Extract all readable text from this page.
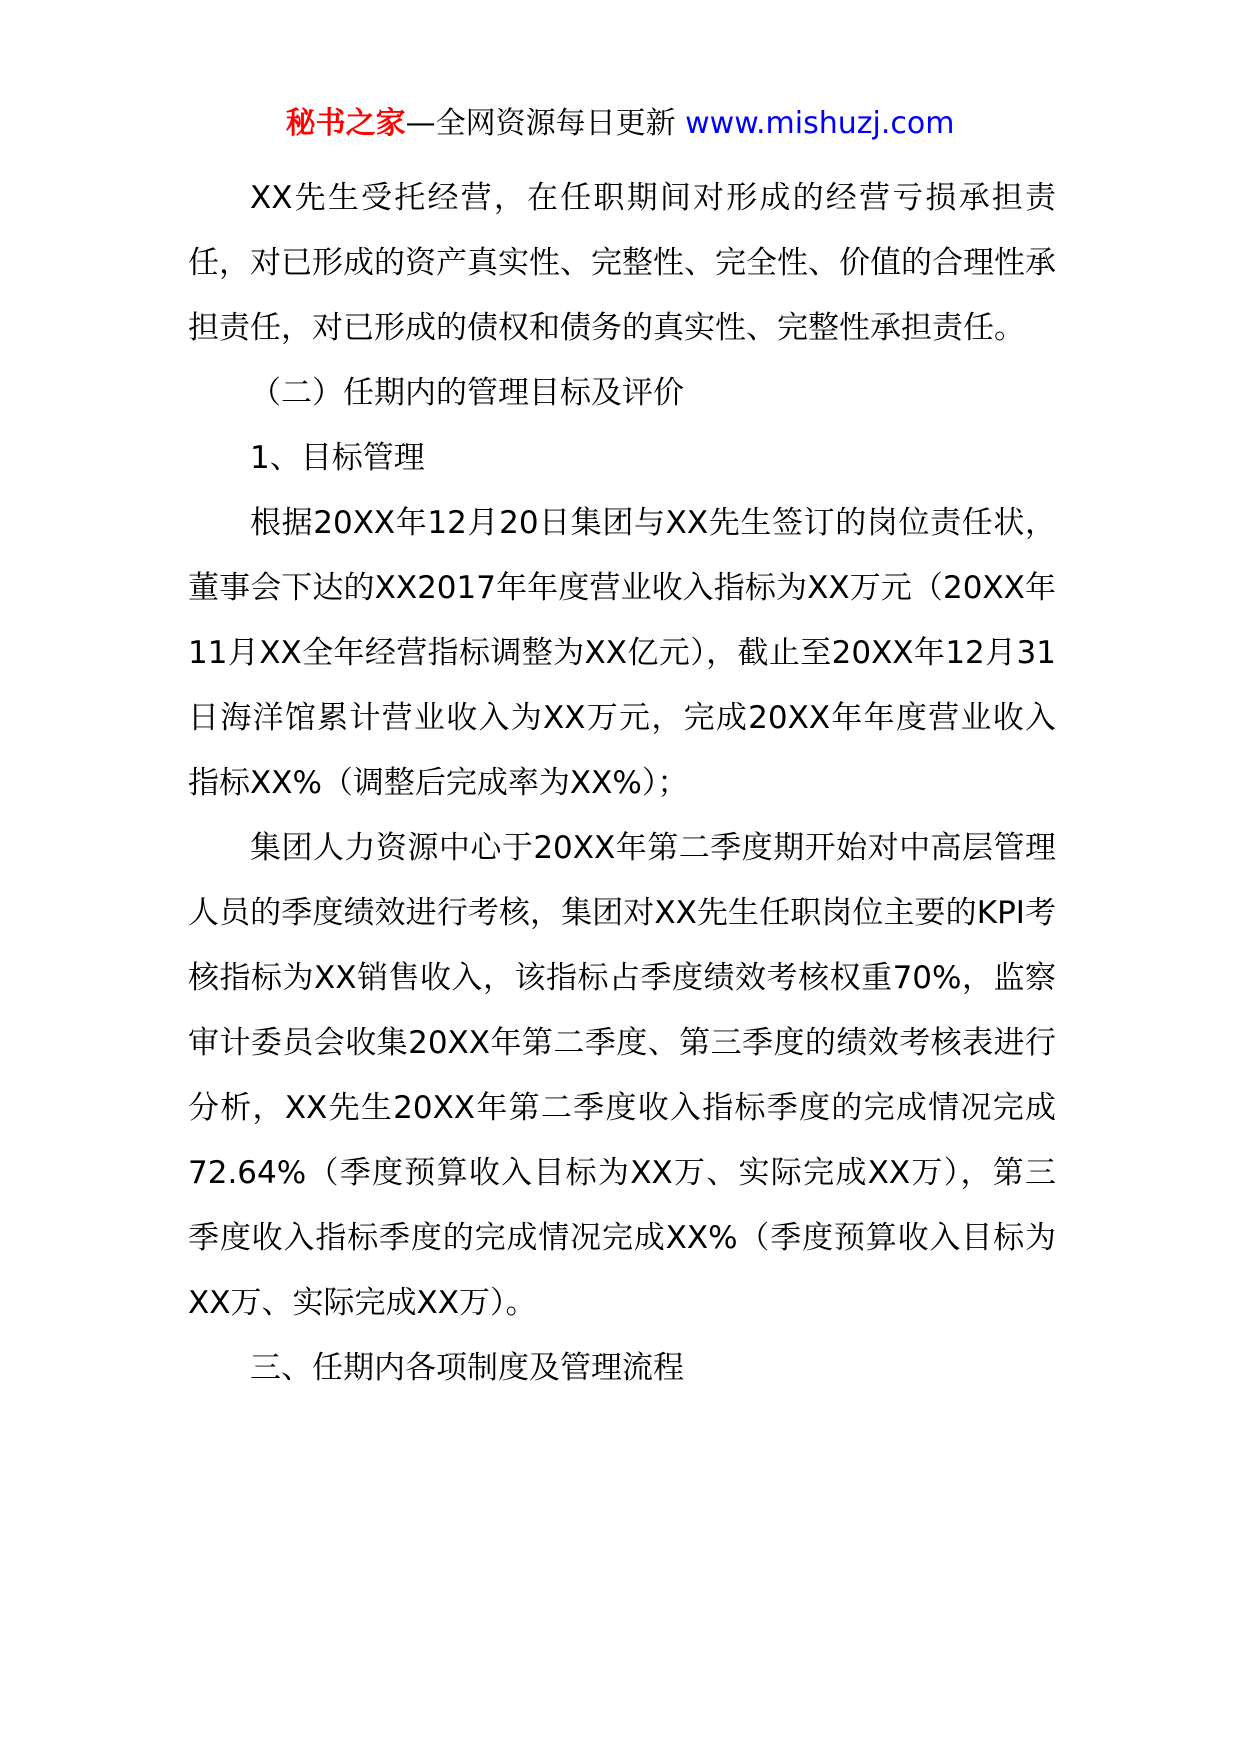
秘书之家—全网资源每日更新 www.mishuzj.com

XX先生受托经营，在任职期间对形成的经营亏损承担责任，对已形成的资产真实性、完整性、完全性、价值的合理性承担责任，对已形成的债权和债务的真实性、完整性承担责任。

（二）任期内的管理目标及评价

1、目标管理

根据20XX年12月20日集团与XX先生签订的岗位责任状，董事会下达的XX2017年年度营业收入指标为XX万元（20XX年11月XX全年经营指标调整为XX亿元），截止至20XX年12月31日海洋馆累计营业收入为XX万元，完成20XX年年度营业收入指标XX%（调整后完成率为XX%）；

集团人力资源中心于20XX年第二季度期开始对中高层管理人员的季度绩效进行考核，集团对XX先生任职岗位主要的KPI考核指标为XX销售收入，该指标占季度绩效考核权重70%，监察审计委员会收集20XX年第二季度、第三季度的绩效考核表进行分析，XX先生20XX年第二季度收入指标季度的完成情况完成72.64%（季度预算收入目标为XX万、实际完成XX万），第三季度收入指标季度的完成情况完成XX%（季度预算收入目标为XX万、实际完成XX万）。

三、任期内各项制度及管理流程
